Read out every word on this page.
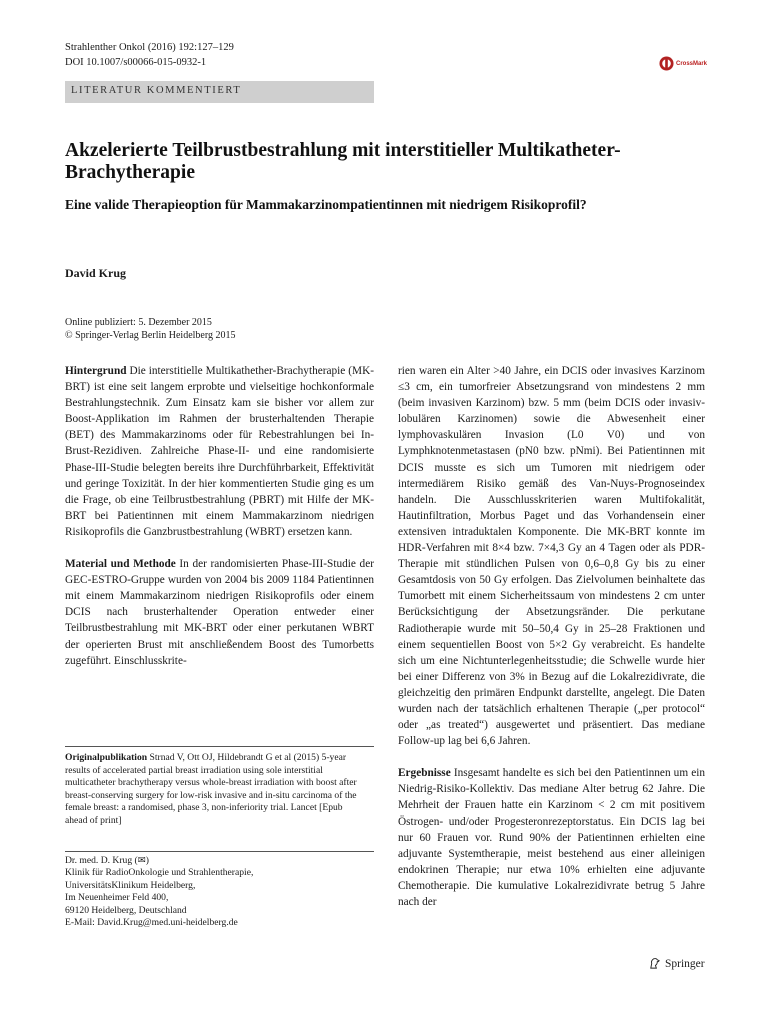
Strahlenther Onkol (2016) 192:127–129
DOI 10.1007/s00066-015-0932-1	CrossMark
LITERATUR KOMMENTIERT
Akzelerierte Teilbrustbestrahlung mit interstitieller Multikatheter-Brachytherapie
Eine valide Therapieoption für Mammakarzinompatientinnen mit niedrigem Risikoprofil?
David Krug
Online publiziert: 5. Dezember 2015
© Springer-Verlag Berlin Heidelberg 2015

Hintergrund Die interstitielle Multikathether-Brachytherapie (MK-BRT) ist eine seit langem erprobte und vielseitige hochkonformale Bestrahlungstechnik. Zum Einsatz kam sie bisher vor allem zur Boost-Applikation im Rahmen der brusterhaltenden Therapie (BET) des Mammakarzinoms oder für Rebestrahlungen bei In-Brust-Rezidiven. Zahlreiche Phase-II- und eine randomisierte Phase-III-Studie belegten bereits ihre Durchführbarkeit, Effektivität und geringe Toxizität. In der hier kommentierten Studie ging es um die Frage, ob eine Teilbrustbestrahlung (PBRT) mit Hilfe der MK-BRT bei Patientinnen mit einem Mammakarzinom niedrigen Risikoprofils die Ganzbrustbestrahlung (WBRT) ersetzen kann.

Material und Methode In der randomisierten Phase-III-Studie der GEC-ESTRO-Gruppe wurden von 2004 bis 2009 1184 Patientinnen mit einem Mammakarzinom niedrigen Risikoprofils oder einem DCIS nach brusterhaltender Operation entweder einer Teilbrustbestrahlung mit MK-BRT oder einer perkutanen WBRT der operierten Brust mit anschließendem Boost des Tumorbetts zugeführt. Einschlusskrite-

Originalpublikation Strnad V, Ott OJ, Hildebrandt G et al (2015) 5-year results of accelerated partial breast irradiation using sole interstitial multicatheter brachytherapy versus whole-breast irradiation with boost after breast-conserving surgery for low-risk invasive and in-situ carcinoma of the female breast: a randomised, phase 3, non-inferiority trial. Lancet [Epub ahead of print]
Dr. med. D. Krug (✉)
Klinik für RadioOnkologie und Strahlentherapie,
UniversitätsKlinikum Heidelberg,
Im Neuenheimer Feld 400,
69120 Heidelberg, Deutschland
E-Mail: David.Krug@med.uni-heidelberg.de

rien waren ein Alter >40 Jahre, ein DCIS oder invasives Karzinom ≤3 cm, ein tumorfreier Absetzungsrand von mindestens 2 mm (beim invasiven Karzinom) bzw. 5 mm (beim DCIS oder invasiv-lobulären Karzinomen) sowie die Abwesenheit einer lymphovaskulären Invasion (L0 V0) und von Lymphknotenmetastasen (pN0 bzw. pNmi). Bei Patientinnen mit DCIS musste es sich um Tumoren mit niedrigem oder intermediärem Risiko gemäß des Van-Nuys-Prognoseindex handeln. Die Ausschlusskriterien waren Multifokalität, Hautinfiltration, Morbus Paget und das Vorhandensein einer extensiven intraduktalen Komponente. Die MK-BRT konnte im HDR-Verfahren mit 8×4 bzw. 7×4,3 Gy an 4 Tagen oder als PDR-Therapie mit stündlichen Pulsen von 0,6–0,8 Gy bis zu einer Gesamtdosis von 50 Gy erfolgen. Das Zielvolumen beinhaltete das Tumorbett mit einem Sicherheitssaum von mindestens 2 cm unter Berücksichtigung der Absetzungsränder. Die perkutane Radiotherapie wurde mit 50–50,4 Gy in 25–28 Fraktionen und einem sequentiellen Boost von 5×2 Gy verabreicht. Es handelte sich um eine Nichtunterlegenheitsstudie; die Schwelle wurde hier bei einer Differenz von 3% in Bezug auf die Lokalrezidivrate, die gleichzeitig den primären Endpunkt darstellte, angelegt. Die Daten wurden nach der tatsächlich erhaltenen Therapie („per protocol“ oder „as treated“) ausgewertet und präsentiert. Das mediane Follow-up lag bei 6,6 Jahren.

Ergebnisse Insgesamt handelte es sich bei den Patientinnen um ein Niedrig-Risiko-Kollektiv. Das mediane Alter betrug 62 Jahre. Die Mehrheit der Frauen hatte ein Karzinom < 2 cm mit positivem Östrogen- und/oder Progesteronrezeptorstatus. Ein DCIS lag bei nur 60 Frauen vor. Rund 90% der Patientinnen erhielten eine adjuvante Systemtherapie, meist bestehend aus einer alleinigen endokrinen Therapie; nur etwa 10% erhielten eine adjuvante Chemotherapie. Die kumulative Lokalrezidivrate betrug 5 Jahre nach der

Springer
